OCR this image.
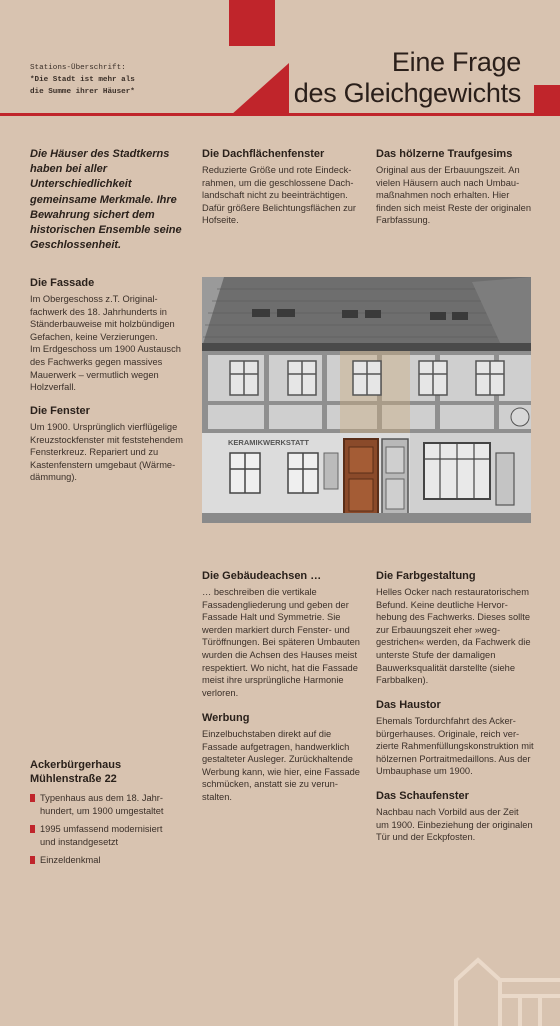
Stations-Überschrift:
*Die Stadt ist mehr als
die Summe ihrer Häuser*
Eine Frage
des Gleichgewichts
Die Häuser des Stadtkerns haben bei aller Unterschiedlichkeit gemeinsame Merkmale. Ihre Bewahrung sichert dem historischen Ensemble seine Geschlossenheit.

Die Dachflächenfenster

Reduzierte Größe und rote Eindeckrahmen, um die geschlossene Dachlandschaft nicht zu beeinträchtigen. Dafür größere Belichtungsflächen zur Hofseite.

Das hölzerne Traufgesims

Original aus der Erbauungszeit. An vielen Häusern auch nach Umbaumaßnahmen noch erhalten. Hier finden sich meist Reste der originalen Farbfassung.

Die Fassade

Im Obergeschoss z.T. Originalfachwerk des 18. Jahrhunderts in Ständerbauweise mit holzbündigen Gefachen, keine Verzierungen.

Im Erdgeschoss um 1900 Austausch des Fachwerks gegen massives Mauerwerk – vermutlich wegen Holzverfall.

Die Fenster

Um 1900. Ursprünglich vierflügelige Kreuzstockfenster mit feststehendem Fensterkreuz. Repariert und zu Kastenfenstern umgebaut (Wärmedämmung).

KERAMIKWERKSTATT

Die Gebäudeachsen …

… beschreiben die vertikale Fassadengliederung und geben der Fassade Halt und Symmetrie. Sie werden markiert durch Fenster- und Türöffnungen. Bei späteren Umbauten wurden die Achsen des Hauses meist respektiert. Wo nicht, hat die Fassade meist ihre ursprüngliche Harmonie verloren.

Werbung

Einzelbuchstaben direkt auf die Fassade aufgetragen, handwerklich gestalteter Ausleger. Zurückhaltende Werbung kann, wie hier, eine Fassade schmücken, anstatt sie zu verunstalten.

Die Farbgestaltung

Helles Ocker nach restauratorischem Befund. Keine deutliche Hervorhebung des Fachwerks. Dieses sollte zur Erbauungszeit eher »weggestrichen« werden, da Fachwerk die unterste Stufe der damaligen Bauwerksqualität darstellte (siehe Farbbalken).

Das Haustor

Ehemals Tordurchfahrt des Ackerbürgerhauses. Originale, reich verzierte Rahmenfüllungskonstruktion mit hölzernen Portraitmedaillons. Aus der Umbauphase um 1900.

Das Schaufenster

Nachbau nach Vorbild aus der Zeit um 1900. Einbeziehung der originalen Tür und der Eckpfosten.

Ackerbürgerhaus
Mühlenstraße 22
Typenhaus aus dem 18. Jahrhundert, um 1900 umgestaltet
1995 umfassend modernisiert und instandgesetzt
Einzeldenkmal
